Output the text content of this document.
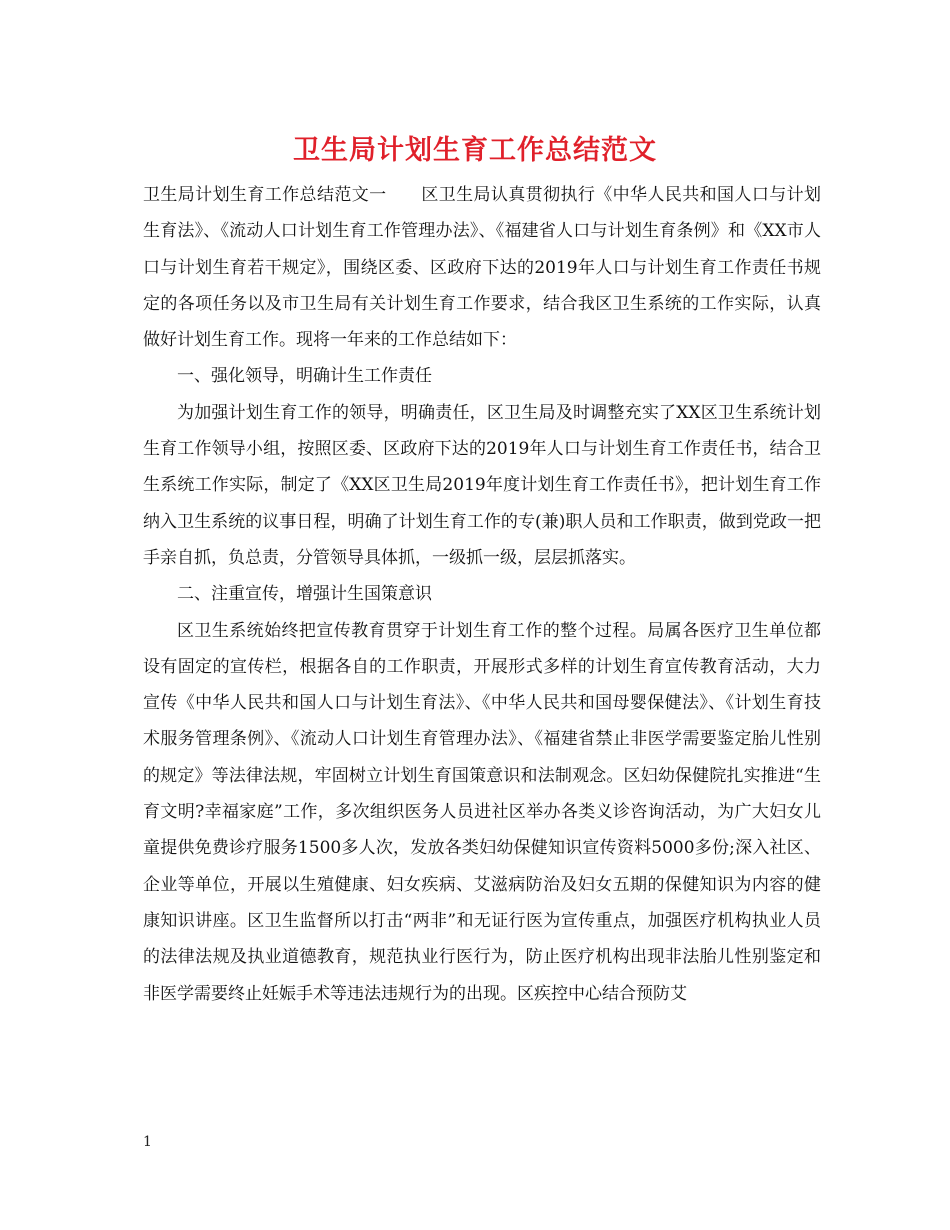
卫生局计划生育工作总结范文

卫生局计划生育工作总结范文一　　区卫生局认真贯彻执行《中华人民共和国人口与计划生育法》、《流动人口计划生育工作管理办法》、《福建省人口与计划生育条例》和《XX市人口与计划生育若干规定》，围绕区委、区政府下达的2019年人口与计划生育工作责任书规定的各项任务以及市卫生局有关计划生育工作要求，结合我区卫生系统的工作实际，认真做好计划生育工作。现将一年来的工作总结如下：

一、强化领导，明确计生工作责任

为加强计划生育工作的领导，明确责任，区卫生局及时调整充实了XX区卫生系统计划生育工作领导小组，按照区委、区政府下达的2019年人口与计划生育工作责任书，结合卫生系统工作实际，制定了《XX区卫生局2019年度计划生育工作责任书》，把计划生育工作纳入卫生系统的议事日程，明确了计划生育工作的专(兼)职人员和工作职责，做到党政一把手亲自抓，负总责，分管领导具体抓，一级抓一级，层层抓落实。

二、注重宣传，增强计生国策意识

区卫生系统始终把宣传教育贯穿于计划生育工作的整个过程。局属各医疗卫生单位都设有固定的宣传栏，根据各自的工作职责，开展形式多样的计划生育宣传教育活动，大力宣传《中华人民共和国人口与计划生育法》、《中华人民共和国母婴保健法》、《计划生育技术服务管理条例》、《流动人口计划生育管理办法》、《福建省禁止非医学需要鉴定胎儿性别的规定》等法律法规，牢固树立计划生育国策意识和法制观念。区妇幼保健院扎实推进“生育文明?幸福家庭”工作，多次组织医务人员进社区举办各类义诊咨询活动，为广大妇女儿童提供免费诊疗服务1500多人次，发放各类妇幼保健知识宣传资料5000多份;深入社区、企业等单位，开展以生殖健康、妇女疾病、艾滋病防治及妇女五期的保健知识为内容的健康知识讲座。区卫生监督所以打击“两非”和无证行医为宣传重点，加强医疗机构执业人员的法律法规及执业道德教育，规范执业行医行为，防止医疗机构出现非法胎儿性别鉴定和非医学需要终止妊娠手术等违法违规行为的出现。区疾控中心结合预防艾

1
